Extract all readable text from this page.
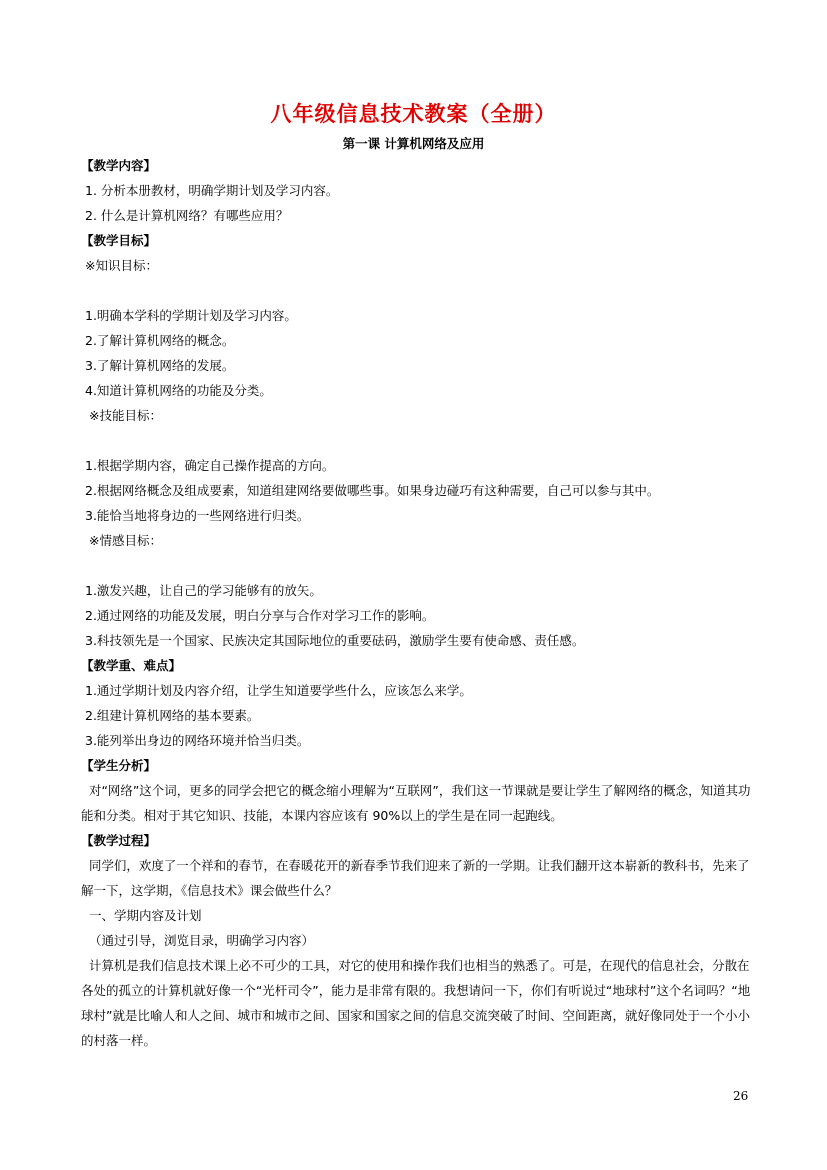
八年级信息技术教案（全册）
第一课 计算机网络及应用
【教学内容】
1. 分析本册教材，明确学期计划及学习内容。
2. 什么是计算机网络？有哪些应用？
【教学目标】
※知识目标：
1.明确本学科的学期计划及学习内容。
2.了解计算机网络的概念。
3.了解计算机网络的发展。
4.知道计算机网络的功能及分类。
※技能目标：
1.根据学期内容，确定自己操作提高的方向。
2.根据网络概念及组成要素，知道组建网络要做哪些事。如果身边碰巧有这种需要，自己可以参与其中。
3.能恰当地将身边的一些网络进行归类。
※情感目标：
1.激发兴趣，让自己的学习能够有的放矢。
2.通过网络的功能及发展，明白分享与合作对学习工作的影响。
3.科技领先是一个国家、民族决定其国际地位的重要砝码，激励学生要有使命感、责任感。
【教学重、难点】
1.通过学期计划及内容介绍，让学生知道要学些什么，应该怎么来学。
2.组建计算机网络的基本要素。
3.能列举出身边的网络环境并恰当归类。
【学生分析】
对“网络”这个词，更多的同学会把它的概念缩小理解为“互联网”，我们这一节课就是要让学生了解网络的概念，知道其功
能和分类。相对于其它知识、技能，本课内容应该有 90%以上的学生是在同一起跑线。
【教学过程】
同学们，欢度了一个祥和的春节，在春暖花开的新春季节我们迎来了新的一学期。让我们翻开这本崭新的教科书，先来了
解一下，这学期，《信息技术》课会做些什么？
一、学期内容及计划
（通过引导，浏览目录，明确学习内容）
计算机是我们信息技术课上必不可少的工具，对它的使用和操作我们也相当的熟悉了。可是，在现代的信息社会，分散在
各处的孤立的计算机就好像一个“光杆司令”，能力是非常有限的。我想请问一下，你们有听说过“地球村”这个名词吗？“地
球村”就是比喻人和人之间、城市和城市之间、国家和国家之间的信息交流突破了时间、空间距离，就好像同处于一个小小
的村落一样。
26
